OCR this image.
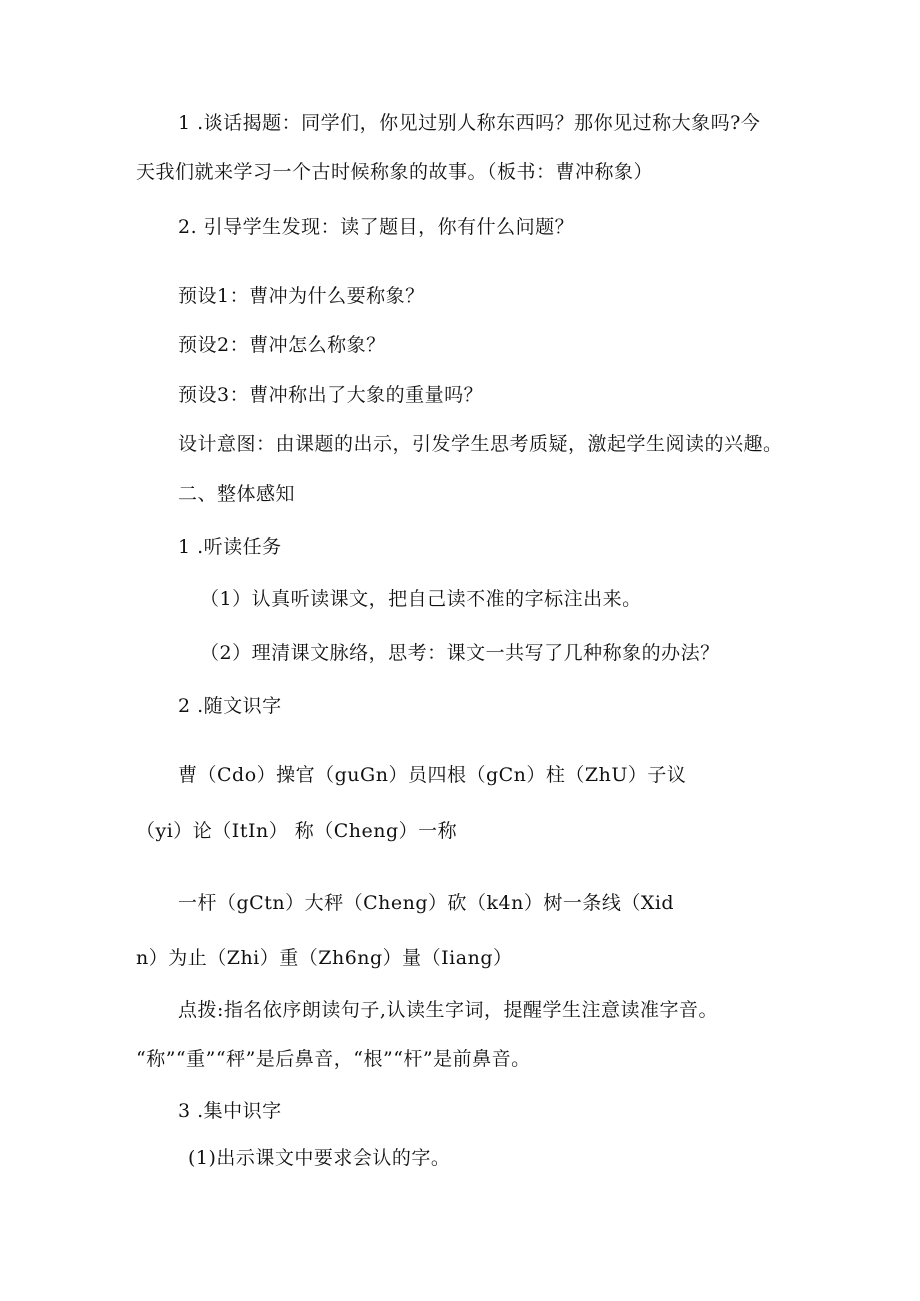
1 .谈话揭题：同学们，你见过别人称东西吗？那你见过称大象吗?今
天我们就来学习一个古时候称象的故事。（板书：曹冲称象）
2. 引导学生发现：读了题目，你有什么问题？
预设1：曹冲为什么要称象？
预设2：曹冲怎么称象？
预设3：曹冲称出了大象的重量吗？
设计意图：由课题的出示，引发学生思考质疑，激起学生阅读的兴趣。
二、整体感知
1 .听读任务
（1）认真听读课文，把自己读不准的字标注出来。
（2）理清课文脉络，思考：课文一共写了几种称象的办法？
2 .随文识字
曹（Cdo）操官（guGn）员四根（gCn）柱（ZhU）子议
（yi）论（ItIn） 称（Cheng）一称
一杆（gCtn）大秤（Cheng）砍（k4n）树一条线（Xid
n）为止（Zhi）重（Zh6ng）量（Iiang）
点拨:指名依序朗读句子,认读生字词，提醒学生注意读准字音。
“称”“重”“秤”是后鼻音，“根”“杆”是前鼻音。
3 .集中识字
(1)出示课文中要求会认的字。
